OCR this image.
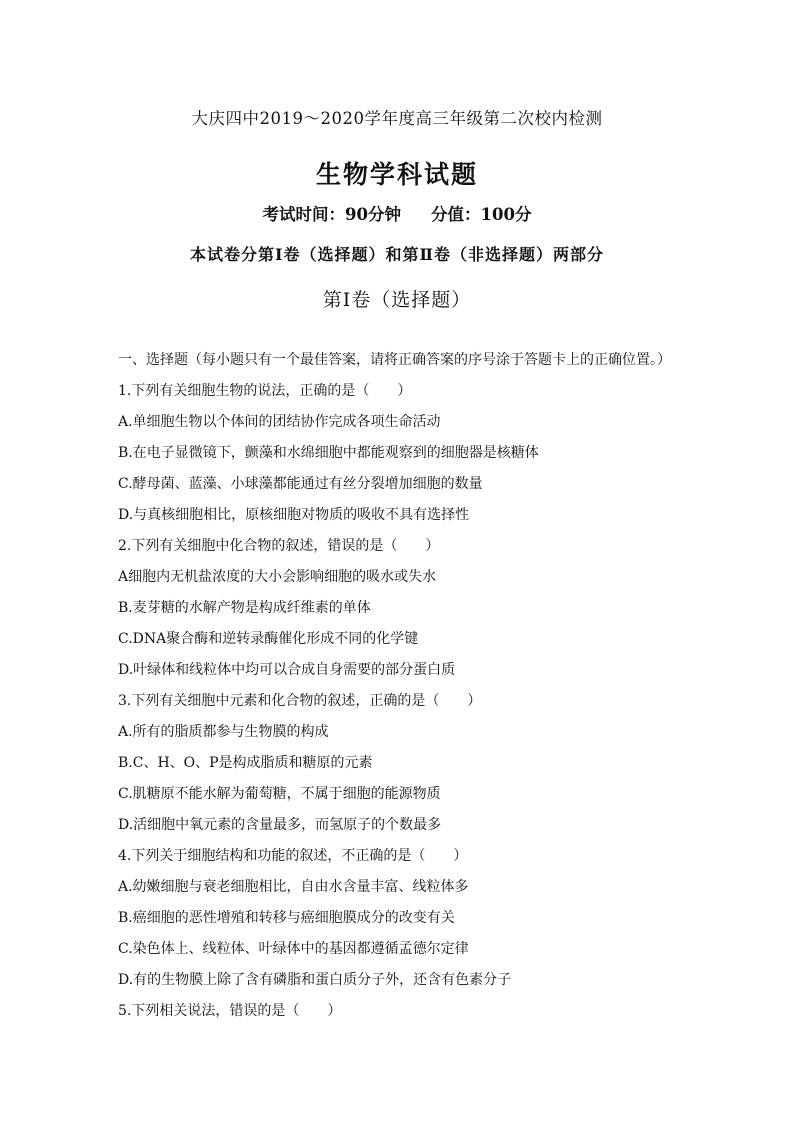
大庆四中2019～2020学年度高三年级第二次校内检测
生物学科试题
考试时间：90分钟 分值：100分
本试卷分第Ⅰ卷（选择题）和第Ⅱ卷（非选择题）两部分
第Ⅰ卷（选择题）
一、选择题（每小题只有一个最佳答案，请将正确答案的序号涂于答题卡上的正确位置。）
1.下列有关细胞生物的说法，正确的是（　　）
A.单细胞生物以个体间的团结协作完成各项生命活动
B.在电子显微镜下，颤藻和水绵细胞中都能观察到的细胞器是核糖体
C.酵母菌、蓝藻、小球藻都能通过有丝分裂增加细胞的数量
D.与真核细胞相比，原核细胞对物质的吸收不具有选择性
2.下列有关细胞中化合物的叙述，错误的是（　　）
A细胞内无机盐浓度的大小会影响细胞的吸水或失水
B.麦芽糖的水解产物是构成纤维素的单体
C.DNA聚合酶和逆转录酶催化形成不同的化学键
D.叶绿体和线粒体中均可以合成自身需要的部分蛋白质
3.下列有关细胞中元素和化合物的叙述，正确的是（　　）
A.所有的脂质都参与生物膜的构成
B.C、H、O、P是构成脂质和糖原的元素
C.肌糖原不能水解为葡萄糖，不属于细胞的能源物质
D.活细胞中氧元素的含量最多，而氢原子的个数最多
4.下列关于细胞结构和功能的叙述，不正确的是（　　）
A.幼嫩细胞与衰老细胞相比，自由水含量丰富、线粒体多
B.癌细胞的恶性增殖和转移与癌细胞膜成分的改变有关
C.染色体上、线粒体、叶绿体中的基因都遵循孟德尔定律
D.有的生物膜上除了含有磷脂和蛋白质分子外，还含有色素分子
5.下列相关说法，错误的是（　　）
